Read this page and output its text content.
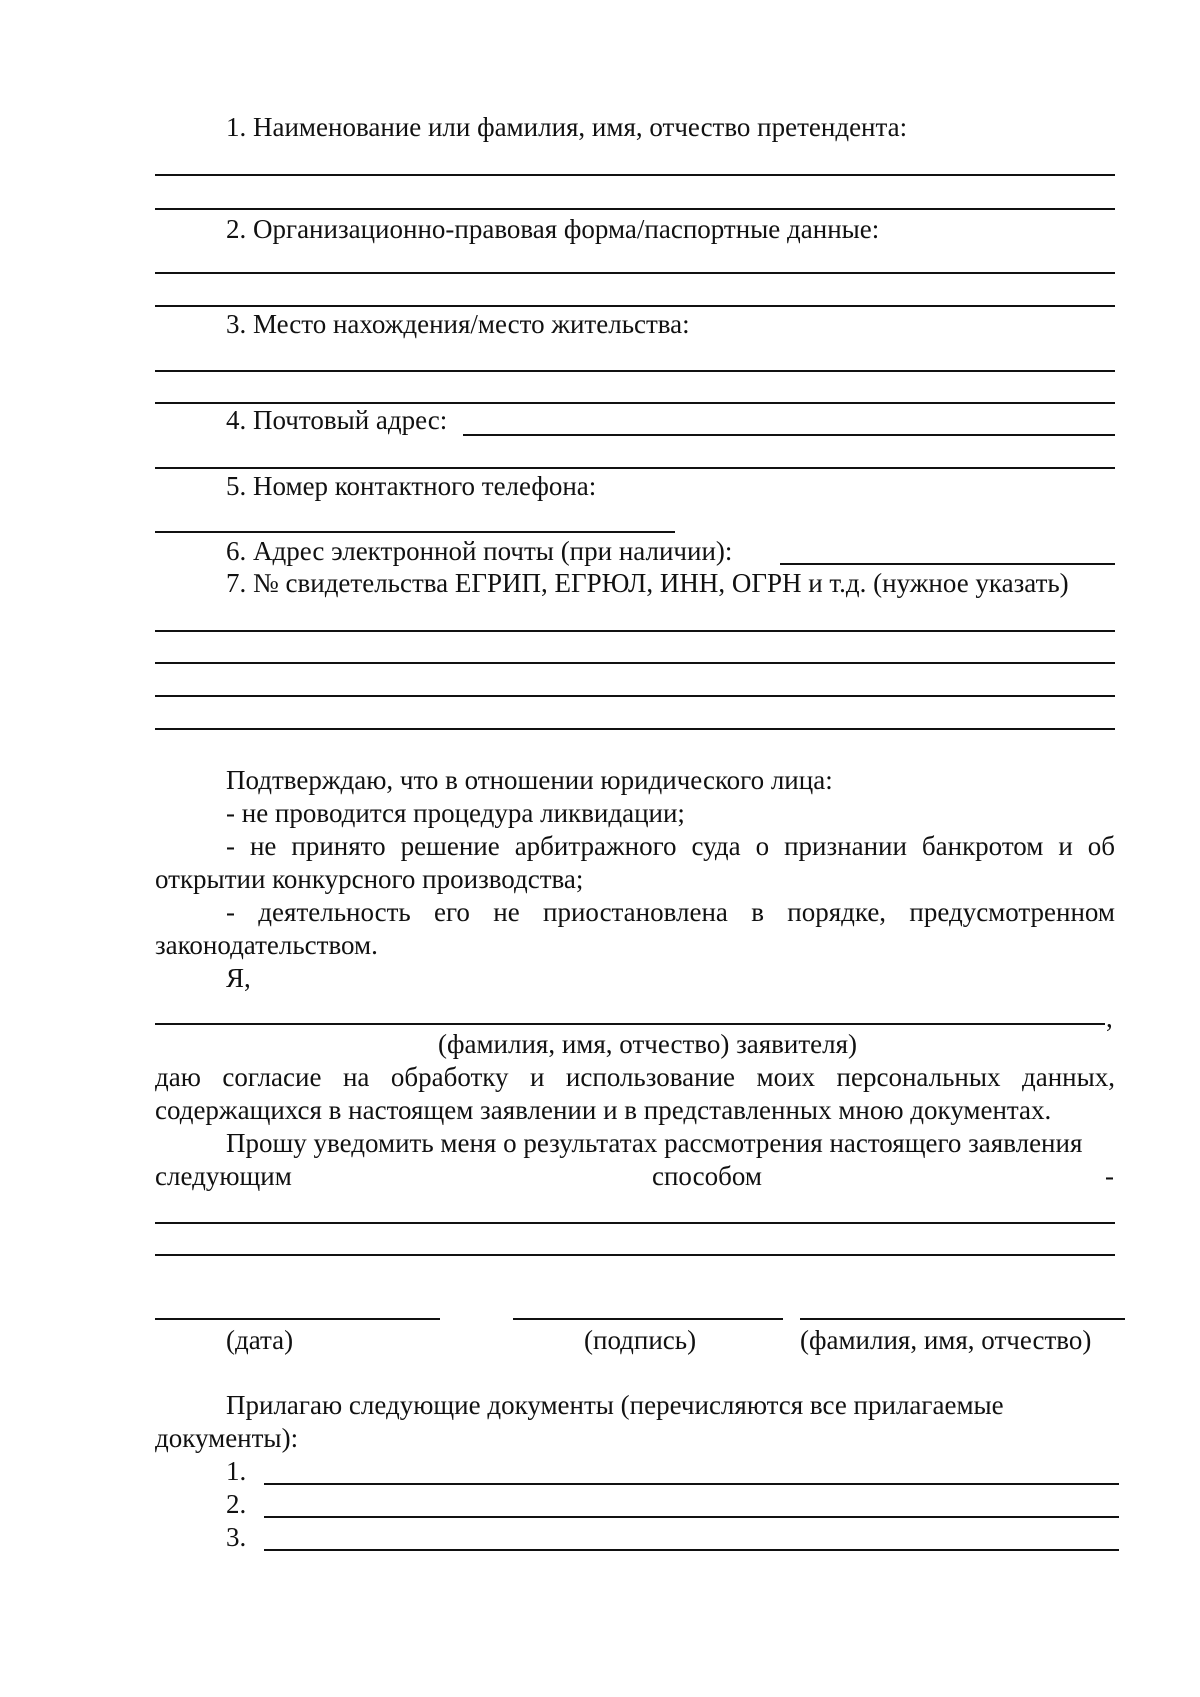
1. Наименование или фамилия, имя, отчество претендента:
2. Организационно-правовая форма/паспортные данные:
3. Место нахождения/место жительства:
4. Почтовый адрес:
5. Номер контактного телефона:
6. Адрес электронной почты (при наличии):
7. № свидетельства ЕГРИП, ЕГРЮЛ, ИНН, ОГРН и т.д. (нужное указать)
Подтверждаю, что в отношении юридического лица:
- не проводится процедура ликвидации;
- не принято решение арбитражного суда о признании банкротом и об
открытии конкурсного производства;
- деятельность его не приостановлена в порядке, предусмотренном
законодательством.
Я,
,
(фамилия, имя, отчество) заявителя)
даю согласие на обработку и использование моих персональных данных,
содержащихся в настоящем заявлении и в представленных мною документах.
Прошу уведомить меня о результатах рассмотрения настоящего заявления
следующим	способом	-
(дата)	(подпись)	(фамилия, имя, отчество)
Прилагаю следующие документы (перечисляются все прилагаемые
документы):
1.
2.
3.
